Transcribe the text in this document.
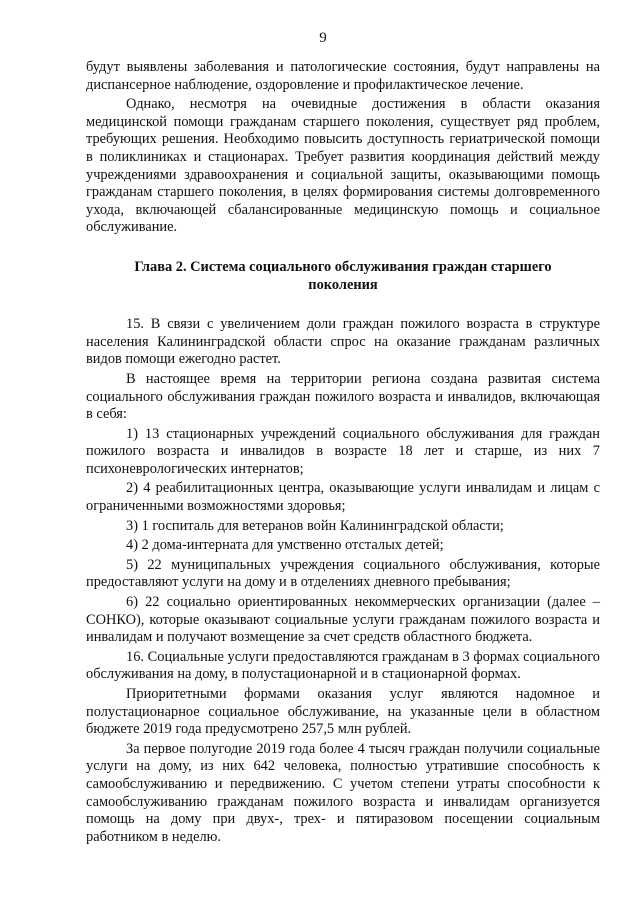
9

будут выявлены заболевания и патологические состояния, будут направлены на диспансерное наблюдение, оздоровление и профилактическое лечение.

Однако, несмотря на очевидные достижения в области оказания медицинской помощи гражданам старшего поколения, существует ряд проблем, требующих решения. Необходимо повысить доступность гериатрической помощи в поликлиниках и стационарах. Требует развития координация действий между учреждениями здравоохранения и социальной защиты, оказывающими помощь гражданам старшего поколения, в целях формирования системы долговременного ухода, включающей сбалансированные медицинскую помощь и социальное обслуживание.

Глава 2. Система социального обслуживания граждан старшего поколения

15. В связи с увеличением доли граждан пожилого возраста в структуре населения Калининградской области спрос на оказание гражданам различных видов помощи ежегодно растет.

В настоящее время на территории региона создана развитая система социального обслуживания граждан пожилого возраста и инвалидов, включающая в себя:

1) 13 стационарных учреждений социального обслуживания для граждан пожилого возраста и инвалидов в возрасте 18 лет и старше, из них 7 психоневрологических интернатов;

2) 4 реабилитационных центра, оказывающие услуги инвалидам и лицам с ограниченными возможностями здоровья;

3) 1 госпиталь для ветеранов войн Калининградской области;

4) 2 дома-интерната для умственно отсталых детей;

5) 22 муниципальных учреждения социального обслуживания, которые предоставляют услуги на дому и в отделениях дневного пребывания;

6) 22 социально ориентированных некоммерческих организации (далее – СОНКО), которые оказывают социальные услуги гражданам пожилого возраста и инвалидам и получают возмещение за счет средств областного бюджета.

16. Социальные услуги предоставляются гражданам в 3 формах социального обслуживания на дому, в полустационарной и в стационарной формах.

Приоритетными формами оказания услуг являются надомное и полустационарное социальное обслуживание, на указанные цели в областном бюджете 2019 года предусмотрено 257,5 млн рублей.

За первое полугодие 2019 года более 4 тысяч граждан получили социальные услуги на дому, из них 642 человека, полностью утратившие способность к самообслуживанию и передвижению. С учетом степени утраты способности к самообслуживанию гражданам пожилого возраста и инвалидам организуется помощь на дому при двух-, трех- и пятиразовом посещении социальным работником в неделю.
